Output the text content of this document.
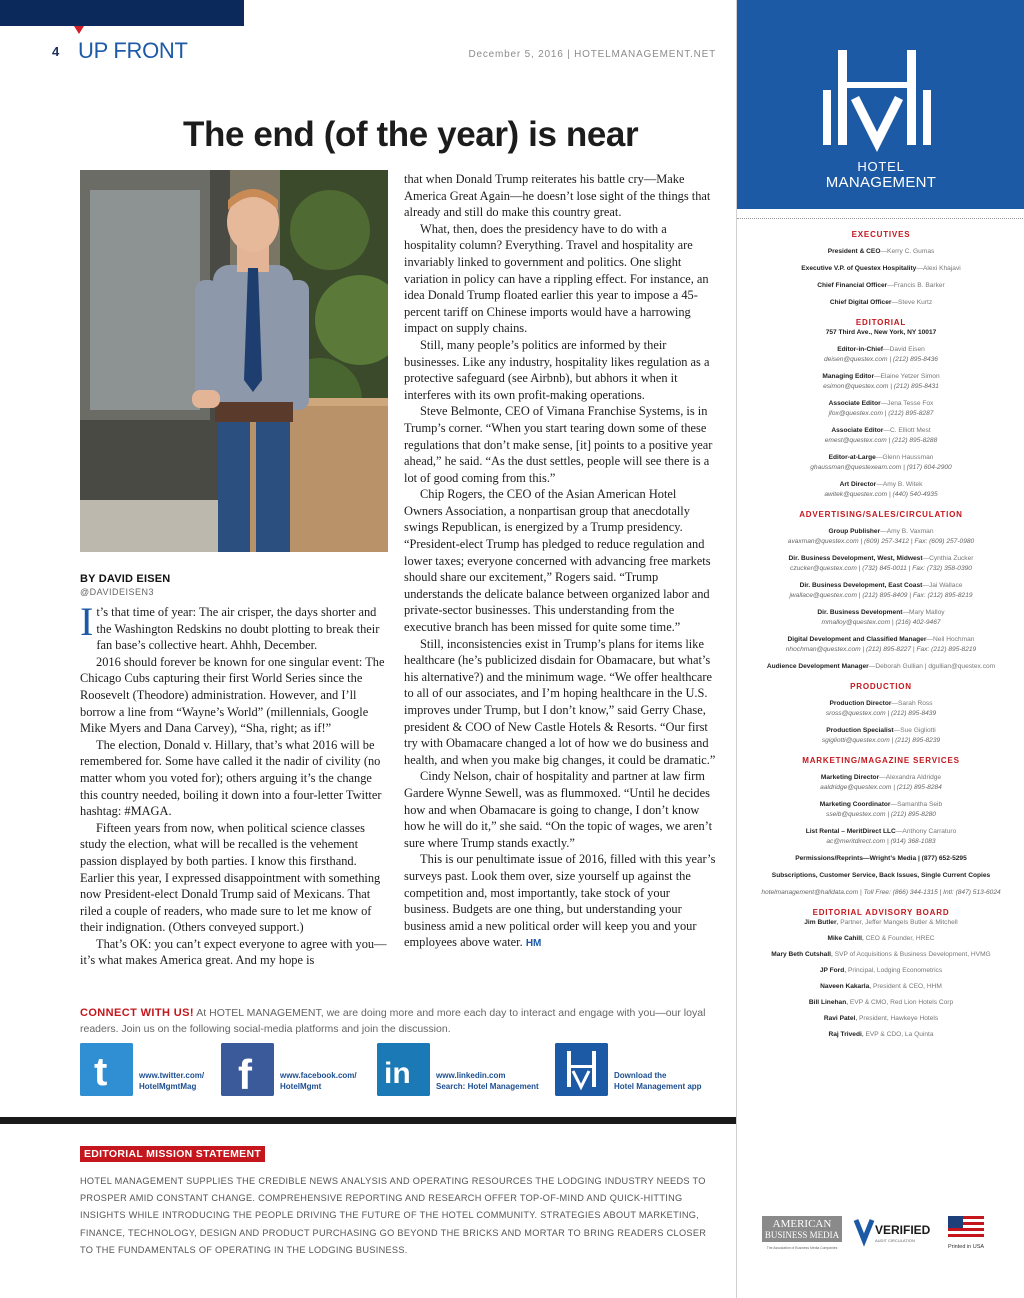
4 UP FRONT	December 5, 2016 | HOTELMANAGEMENT.NET
The end (of the year) is near
BY DAVID EISEN
@DAVIDEISEN3

It’s that time of year: The air crisper, the days shorter and the Washington Redskins no doubt plotting to break their fan base’s collective heart. Ahhh, December.

2016 should forever be known for one singular event: The Chicago Cubs capturing their first World Series since the Roosevelt (Theodore) administration. However, and I’ll borrow a line from “Wayne’s World” (millennials, Google Mike Myers and Dana Carvey), “Sha, right; as if!”

The election, Donald v. Hillary, that’s what 2016 will be remembered for. Some have called it the nadir of civility (no matter whom you voted for); others arguing it’s the change this country needed, boiling it down into a four-letter Twitter hashtag: #MAGA.

Fifteen years from now, when political science classes study the election, what will be recalled is the vehement passion displayed by both parties. I know this firsthand. Earlier this year, I expressed disappointment with something now President-elect Donald Trump said of Mexicans. That riled a couple of readers, who made sure to let me know of their indignation. (Others conveyed support.)

That’s OK: you can’t expect everyone to agree with you—it’s what makes America great. And my hope is

that when Donald Trump reiterates his battle cry—Make America Great Again—he doesn’t lose sight of the things that already and still do make this country great.

What, then, does the presidency have to do with a hospitality column? Everything. Travel and hospitality are invariably linked to government and politics. One slight variation in policy can have a rippling effect. For instance, an idea Donald Trump floated earlier this year to impose a 45-percent tariff on Chinese imports would have a harrowing impact on supply chains.

Still, many people’s politics are informed by their businesses. Like any industry, hospitality likes regulation as a protective safeguard (see Airbnb), but abhors it when it interferes with its own profit-making operations.

Steve Belmonte, CEO of Vimana Franchise Systems, is in Trump’s corner. “When you start tearing down some of these regulations that don’t make sense, [it] points to a positive year ahead,” he said. “As the dust settles, people will see there is a lot of good coming from this.”

Chip Rogers, the CEO of the Asian American Hotel Owners Association, a nonpartisan group that anecdotally swings Republican, is energized by a Trump presidency. “President-elect Trump has pledged to reduce regulation and lower taxes; everyone concerned with advancing free markets should share our excitement,” Rogers said. “Trump understands the delicate balance between organized labor and private-sector businesses. This understanding from the executive branch has been missed for quite some time.”

Still, inconsistencies exist in Trump’s plans for items like healthcare (he’s publicized disdain for Obamacare, but what’s his alternative?) and the minimum wage. “We offer healthcare to all of our associates, and I’m hoping healthcare in the U.S. improves under Trump, but I don’t know,” said Gerry Chase, president & COO of New Castle Hotels & Resorts. “Our first try with Obamacare changed a lot of how we do business and health, and when you make big changes, it could be dramatic.”

Cindy Nelson, chair of hospitality and partner at law firm Gardere Wynne Sewell, was as flummoxed. “Until he decides how and when Obamacare is going to change, I don’t know how he will do it,” she said. “On the topic of wages, we aren’t sure where Trump stands exactly.”

This is our penultimate issue of 2016, filled with this year’s surveys past. Look them over, size yourself up against the competition and, most importantly, take stock of your business. Budgets are one thing, but understanding your business amid a new political order will keep you and your employees above water. HM

CONNECT WITH US! At HOTEL MANAGEMENT, we are doing more and more each day to interact and engage with you—our loyal readers. Join us on the following social-media platforms and join the discussion.
t	www.twitter.com/
HotelMgmtMag f	www.facebook.com/
HotelMgmt	in	www.linkedin.com
Search: Hotel Management
Download the
Hotel Management app
EDITORIAL MISSION STATEMENT
HOTEL MANAGEMENT SUPPLIES THE CREDIBLE NEWS ANALYSIS AND OPERATING RESOURCES THE LODGING INDUSTRY NEEDS TO PROSPER AMID CONSTANT CHANGE. COMPREHENSIVE REPORTING AND RESEARCH OFFER TOP-OF-MIND AND QUICK-HITTING INSIGHTS WHILE INTRODUCING THE PEOPLE DRIVING THE FUTURE OF THE HOTEL COMMUNITY. STRATEGIES ABOUT MARKETING, FINANCE, TECHNOLOGY, DESIGN AND PRODUCT PURCHASING GO BEYOND THE BRICKS AND MORTAR TO BRING READERS CLOSER TO THE FUNDAMENTALS OF OPERATING IN THE LODGING BUSINESS.
HOTEL
MANAGEMENT
EXECUTIVES
President & CEO—Kerry C. Gumas
Executive V.P. of Questex Hospitality—Alexi Khajavi
Chief Financial Officer—Francis B. Barker
Chief Digital Officer—Steve Kurtz
EDITORIAL
757 Third Ave., New York, NY 10017
Editor-in-Chief—David Eisen
deisen@questex.com | (212) 895-8436
Managing Editor—Elaine Yetzer Simon
esimon@questex.com | (212) 895-8431
Associate Editor—Jena Tesse Fox
jfox@questex.com | (212) 895-8287
Associate Editor—C. Elliott Mest
emest@questex.com | (212) 895-8288
Editor-at-Large—Glenn Haussman
ghaussman@questexeam.com | (917) 604-2900
Art Director—Amy B. Witek
awitek@questex.com | (440) 540-4935
ADVERTISING/SALES/CIRCULATION
Group Publisher—Amy B. Vaxman
avaxman@questex.com | (609) 257-3412 | Fax: (609) 257-0980
Dir. Business Development, West, Midwest—Cynthia Zucker
czucker@questex.com | (732) 845-0011 | Fax: (732) 358-0390
Dir. Business Development, East Coast—Jai Wallace
jwallace@questex.com | (212) 895-8409 | Fax: (212) 895-8219
Dir. Business Development—Mary Malloy
mmalloy@questex.com | (216) 402-9467
Digital Development and Classified Manager—Neil Hochman
nhochman@questex.com | (212) 895-8227 | Fax: (212) 895-8219
Audience Development Manager—Deborah Gullian | dgullian@questex.com
PRODUCTION
Production Director—Sarah Ross
sross@questex.com | (212) 895-8439
Production Specialist—Sue Gigliotti
sgigliotti@questex.com | (212) 895-8239
MARKETING/MAGAZINE SERVICES
Marketing Director—Alexandra Aldridge
aaldridge@questex.com | (212) 895-8284
Marketing Coordinator—Samantha Seib
sseib@questex.com | (212) 895-8280
List Rental – MeritDirect LLC—Anthony Carraturo
ac@meritdirect.com | (914) 368-1083
Permissions/Reprints—Wright’s Media | (877) 652-5295
Subscriptions, Customer Service, Back Issues, Single Current Copies
hotelmanagement@halldata.com | Toll Free: (866) 344-1315 | Intl: (847) 513-6024
EDITORIAL ADVISORY BOARD
Jim Butler, Partner, Jeffer Mangels Butler & Mitchell
Mike Cahill, CEO & Founder, HREC
Mary Beth Cutshall, SVP of Acquisitions & Business Development, HVMG
JP Ford, Principal, Lodging Econometrics
Naveen Kakarla, President & CEO, HHM
Bill Linehan, EVP & CMO, Red Lion Hotels Corp
Ravi Patel, President, Hawkeye Hotels
Raj Trivedi, EVP & CDO, La Quinta
AMERICAN
BUSINESS MEDIA
The Association of Business Media Companies
VERIFIED
AUDIT CIRCULATION
Printed in USA
